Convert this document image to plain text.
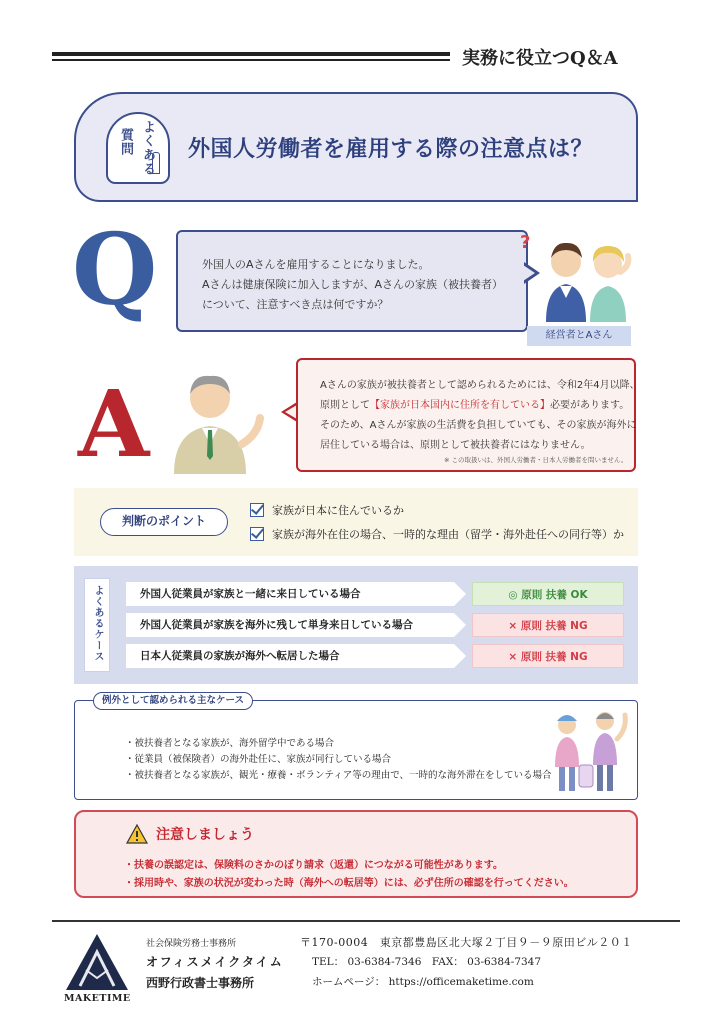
実務に役立つQ＆A
よくある
質問	外国人労働者を雇用する際の注意点は？
Q	外国人のAさんを雇用することになりました。

Aさんは健康保険に加入しますが、Aさんの家族（被扶養者）

について、注意すべき点は何ですか？

?
経営者とAさん
A	Aさんの家族が被扶養者として認められるためには、令和2年4月以降、

原則として【家族が日本国内に住所を有している】必要があります。

そのため、Aさんが家族の生活費を負担していても、その家族が海外に

居住している場合は、原則として被扶養者にはなりません。

※ この取扱いは、外国人労働者・日本人労働者を問いません。

判断のポイント
家族が日本に住んでいるか
家族が海外在住の場合、一時的な理由（留学・海外赴任への同行等）か
よくあるケース	外国人従業員が家族と一緒に来日している場合	◎ 原則 扶養 OK
外国人従業員が家族を海外に残して単身来日している場合	× 原則 扶養 NG
日本人従業員の家族が海外へ転居した場合	× 原則 扶養 NG
例外として認められる主なケース
・被扶養者となる家族が、海外留学中である場合
・従業員（被保険者）の海外赴任に、家族が同行している場合
・被扶養者となる家族が、観光・療養・ボランティア等の理由で、一時的な海外滞在をしている場合
注意しましょう

・扶養の誤認定は、保険料のさかのぼり請求（返還）につながる可能性があります。

・採用時や、家族の状況が変わった時（海外への転居等）には、必ず住所の確認を行ってください。

MAKETIME
社会保険労務士事務所
オフィスメイクタイム
西野行政書士事務所
〒170-0004　東京都豊島区北大塚２丁目９－９原田ビル２０１
TEL： 03-6384-7346　FAX： 03-6384-7347
ホームページ： https://officemaketime.com
